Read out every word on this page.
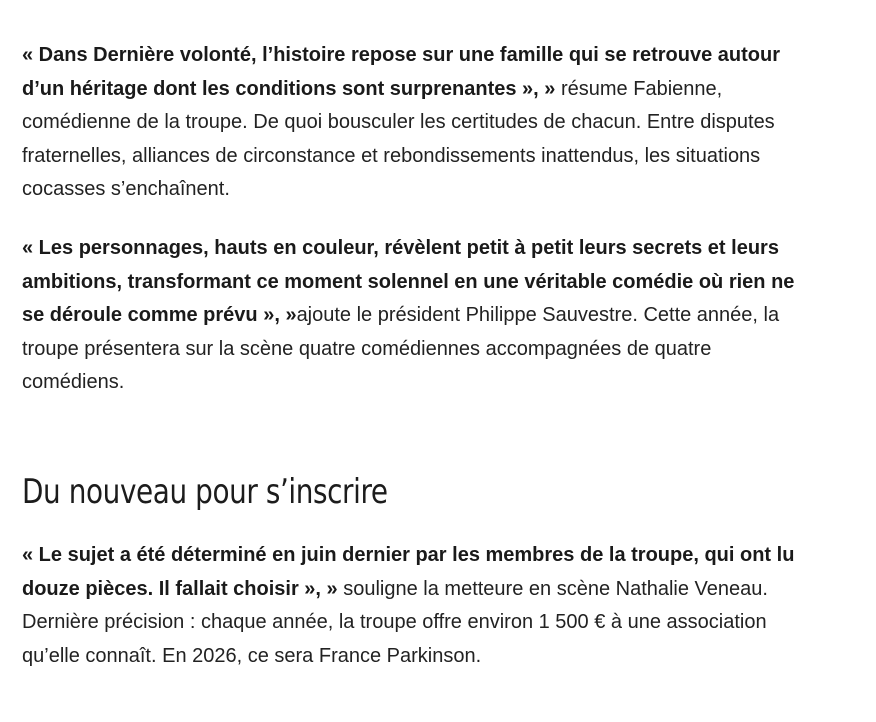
« Dans Dernière volonté, l’histoire repose sur une famille qui se retrouve autour d’un héritage dont les conditions sont surprenantes », » résume Fabienne, comédienne de la troupe. De quoi bousculer les certitudes de chacun. Entre disputes fraternelles, alliances de circonstance et rebondissements inattendus, les situations cocasses s’enchaînent.

« Les personnages, hauts en couleur, révèlent petit à petit leurs secrets et leurs ambitions, transformant ce moment solennel en une véritable comédie où rien ne se déroule comme prévu », »ajoute le président Philippe Sauvestre. Cette année, la troupe présentera sur la scène quatre comédiennes accompagnées de quatre comédiens.

Du nouveau pour s’inscrire

« Le sujet a été déterminé en juin dernier par les membres de la troupe, qui ont lu douze pièces. Il fallait choisir », » souligne la metteure en scène Nathalie Veneau. Dernière précision : chaque année, la troupe offre environ 1 500 € à une association qu’elle connaît. En 2026, ce sera France Parkinson.
